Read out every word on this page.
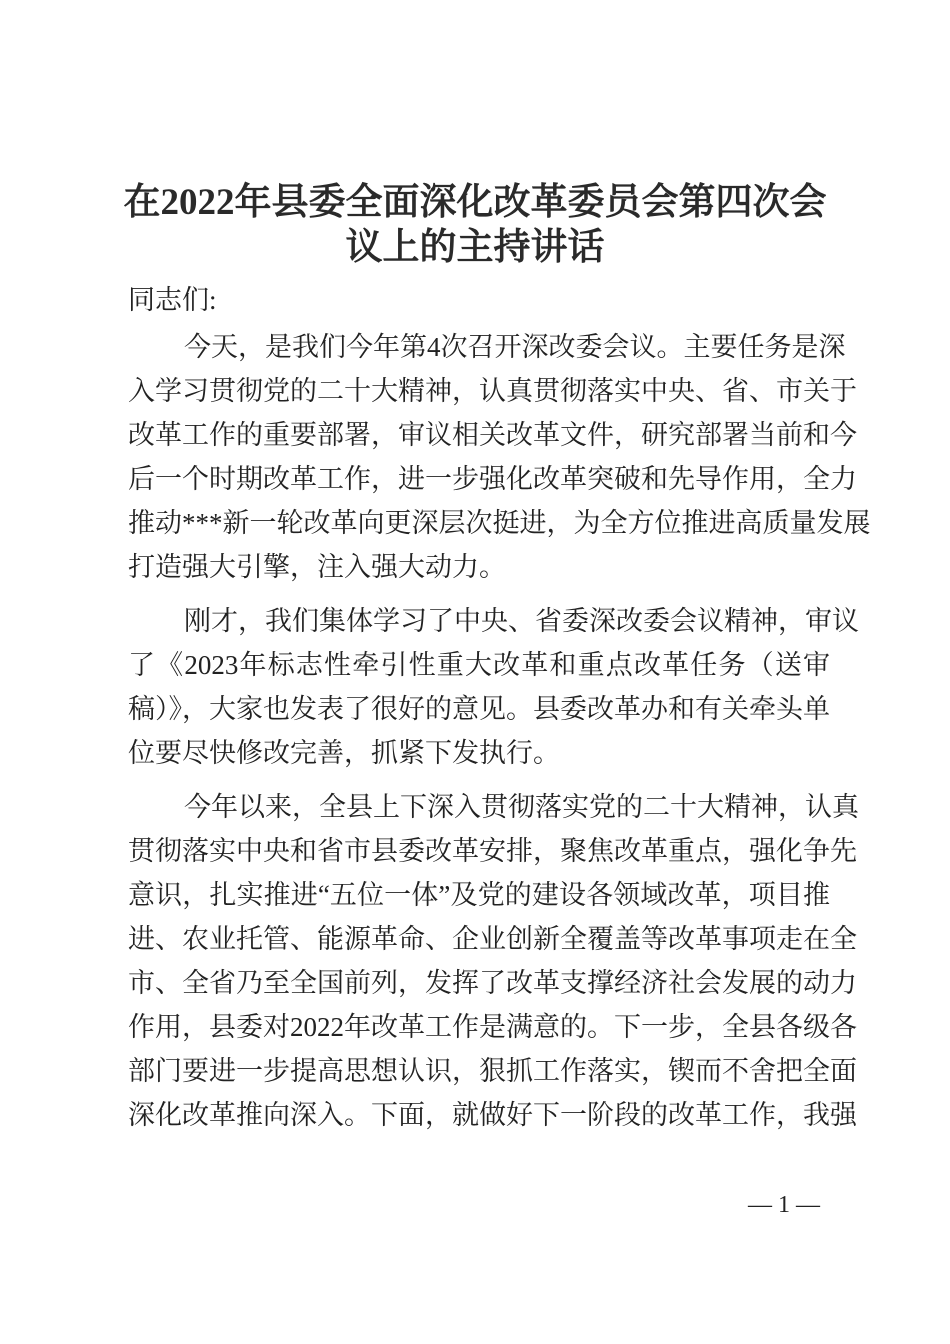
在2022年县委全面深化改革委员会第四次会
议上的主持讲话
同志们:
今天，是我们今年第4次召开深改委会议。主要任务是深
入学习贯彻党的二十大精神，认真贯彻落实中央、省、市关于
改革工作的重要部署，审议相关改革文件，研究部署当前和今
后一个时期改革工作，进一步强化改革突破和先导作用，全力
推动***新一轮改革向更深层次挺进，为全方位推进高质量发展
打造强大引擎，注入强大动力。
刚才，我们集体学习了中央、省委深改委会议精神，审议
了《2023年标志性牵引性重大改革和重点改革任务（送审
稿）》，大家也发表了很好的意见。县委改革办和有关牵头单
位要尽快修改完善，抓紧下发执行。
今年以来，全县上下深入贯彻落实党的二十大精神，认真
贯彻落实中央和省市县委改革安排，聚焦改革重点，强化争先
意识，扎实推进“五位一体”及党的建设各领域改革，项目推
进、农业托管、能源革命、企业创新全覆盖等改革事项走在全
市、全省乃至全国前列，发挥了改革支撑经济社会发展的动力
作用，县委对2022年改革工作是满意的。下一步，全县各级各
部门要进一步提高思想认识，狠抓工作落实，锲而不舍把全面
深化改革推向深入。下面，就做好下一阶段的改革工作，我强
— 1 —
